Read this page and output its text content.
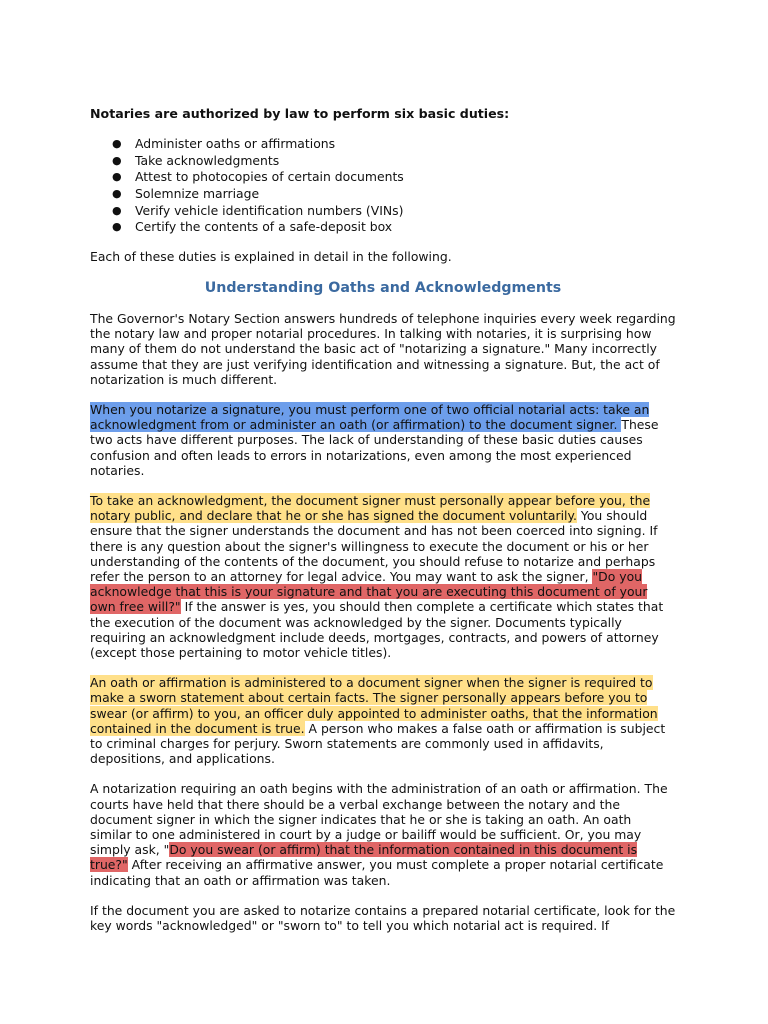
Notaries are authorized by law to perform six basic duties:
● Administer oaths or affirmations
● Take acknowledgments
● Attest to photocopies of certain documents
● Solemnize marriage
● Verify vehicle identification numbers (VINs)
● Certify the contents of a safe-deposit box

Each of these duties is explained in detail in the following.

Understanding Oaths and Acknowledgments

The Governor's Notary Section answers hundreds of telephone inquiries every week regarding the notary law and proper notarial procedures. In talking with notaries, it is surprising how many of them do not understand the basic act of "notarizing a signature." Many incorrectly assume that they are just verifying identification and witnessing a signature. But, the act of notarization is much different.

When you notarize a signature, you must perform one of two official notarial acts: take an acknowledgment from or administer an oath (or affirmation) to the document signer. These two acts have different purposes. The lack of understanding of these basic duties causes confusion and often leads to errors in notarizations, even among the most experienced notaries.

To take an acknowledgment, the document signer must personally appear before you, the notary public, and declare that he or she has signed the document voluntarily. You should ensure that the signer understands the document and has not been coerced into signing. If there is any question about the signer's willingness to execute the document or his or her understanding of the contents of the document, you should refuse to notarize and perhaps refer the person to an attorney for legal advice. You may want to ask the signer, "Do you acknowledge that this is your signature and that you are executing this document of your own free will?" If the answer is yes, you should then complete a certificate which states that the execution of the document was acknowledged by the signer. Documents typically requiring an acknowledgment include deeds, mortgages, contracts, and powers of attorney (except those pertaining to motor vehicle titles).

An oath or affirmation is administered to a document signer when the signer is required to make a sworn statement about certain facts. The signer personally appears before you to swear (or affirm) to you, an officer duly appointed to administer oaths, that the information contained in the document is true. A person who makes a false oath or affirmation is subject to criminal charges for perjury. Sworn statements are commonly used in affidavits, depositions, and applications.

A notarization requiring an oath begins with the administration of an oath or affirmation. The courts have held that there should be a verbal exchange between the notary and the document signer in which the signer indicates that he or she is taking an oath. An oath similar to one administered in court by a judge or bailiff would be sufficient. Or, you may simply ask, "Do you swear (or affirm) that the information contained in this document is true?" After receiving an affirmative answer, you must complete a proper notarial certificate indicating that an oath or affirmation was taken.

If the document you are asked to notarize contains a prepared notarial certificate, look for the key words "acknowledged" or "sworn to" to tell you which notarial act is required. If
